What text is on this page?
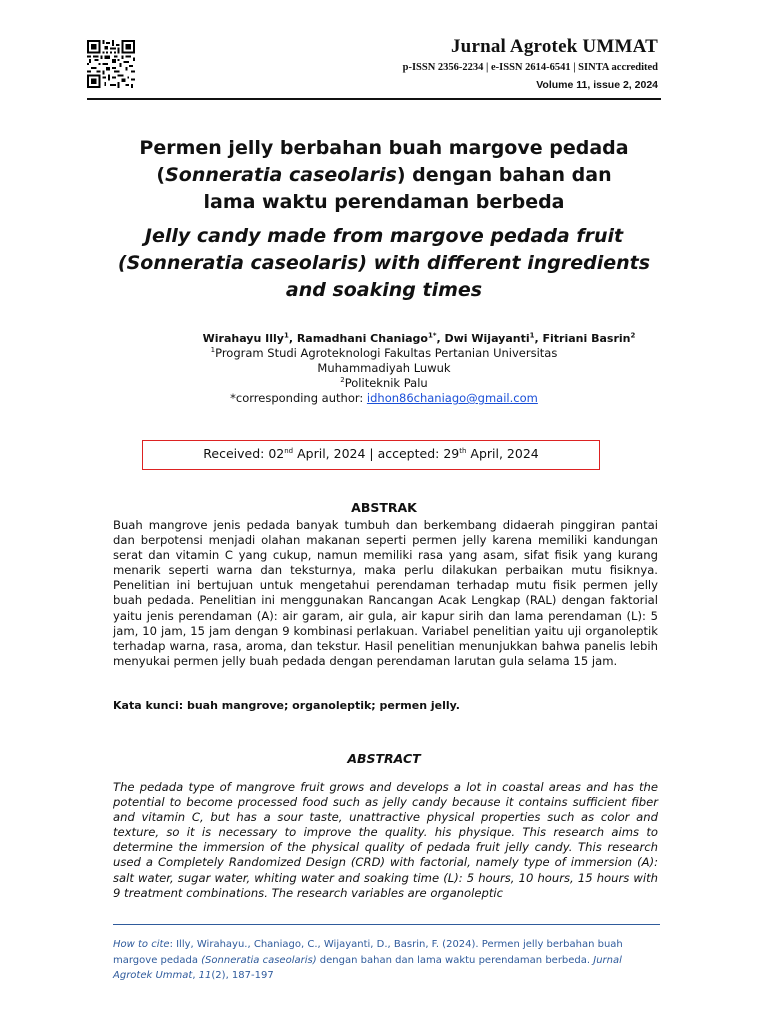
Jurnal Agrotek UMMAT
p-ISSN 2356-2234 | e-ISSN 2614-6541 | SINTA accredited
Volume 11, issue 2, 2024
Permen jelly berbahan buah margove pedada
(Sonneratia caseolaris) dengan bahan dan
lama waktu perendaman berbeda
Jelly candy made from margove pedada fruit
(Sonneratia caseolaris) with different ingredients
and soaking times
Wirahayu Illy$^1$, Ramadhani Chaniago$^{1*}$, Dwi Wijayanti$^1$, Fitriani Basrin$^2$
$^1$Program Studi Agroteknologi Fakultas Pertanian Universitas
Muhammadiyah Luwuk
$^2$Politeknik Palu
*corresponding author: idhon86chaniago@gmail.com
Received: 02nd April, 2024 | accepted: 29th April, 2024
ABSTRAK
Buah mangrove jenis pedada banyak tumbuh dan berkembang didaerah pinggiran pantai dan berpotensi menjadi olahan makanan seperti permen jelly karena memiliki kandungan serat dan vitamin C yang cukup, namun memiliki rasa yang asam, sifat fisik yang kurang menarik seperti warna dan teksturnya, maka perlu dilakukan perbaikan mutu fisiknya. Penelitian ini bertujuan untuk mengetahui perendaman terhadap mutu fisik permen jelly buah pedada. Penelitian ini menggunakan Rancangan Acak Lengkap (RAL) dengan faktorial yaitu jenis perendaman (A): air garam, air gula, air kapur sirih dan lama perendaman (L): 5 jam, 10 jam, 15 jam dengan 9 kombinasi perlakuan. Variabel penelitian yaitu uji organoleptik terhadap warna, rasa, aroma, dan tekstur. Hasil penelitian menunjukkan bahwa panelis lebih menyukai permen jelly buah pedada dengan perendaman larutan gula selama 15 jam.
Kata kunci: buah mangrove; organoleptik; permen jelly.
ABSTRACT
The pedada type of mangrove fruit grows and develops a lot in coastal areas and has the potential to become processed food such as jelly candy because it contains sufficient fiber and vitamin C, but has a sour taste, unattractive physical properties such as color and texture, so it is necessary to improve the quality. his physique. This research aims to determine the immersion of the physical quality of pedada fruit jelly candy. This research used a Completely Randomized Design (CRD) with factorial, namely type of immersion (A): salt water, sugar water, whiting water and soaking time (L): 5 hours, 10 hours, 15 hours with 9 treatment combinations. The research variables are organoleptic
How to cite: Illy, Wirahayu., Chaniago, C., Wijayanti, D., Basrin, F. (2024). Permen jelly berbahan buah margove pedada (Sonneratia caseolaris) dengan bahan dan lama waktu perendaman berbeda. Jurnal Agrotek Ummat, 11(2), 187-197
